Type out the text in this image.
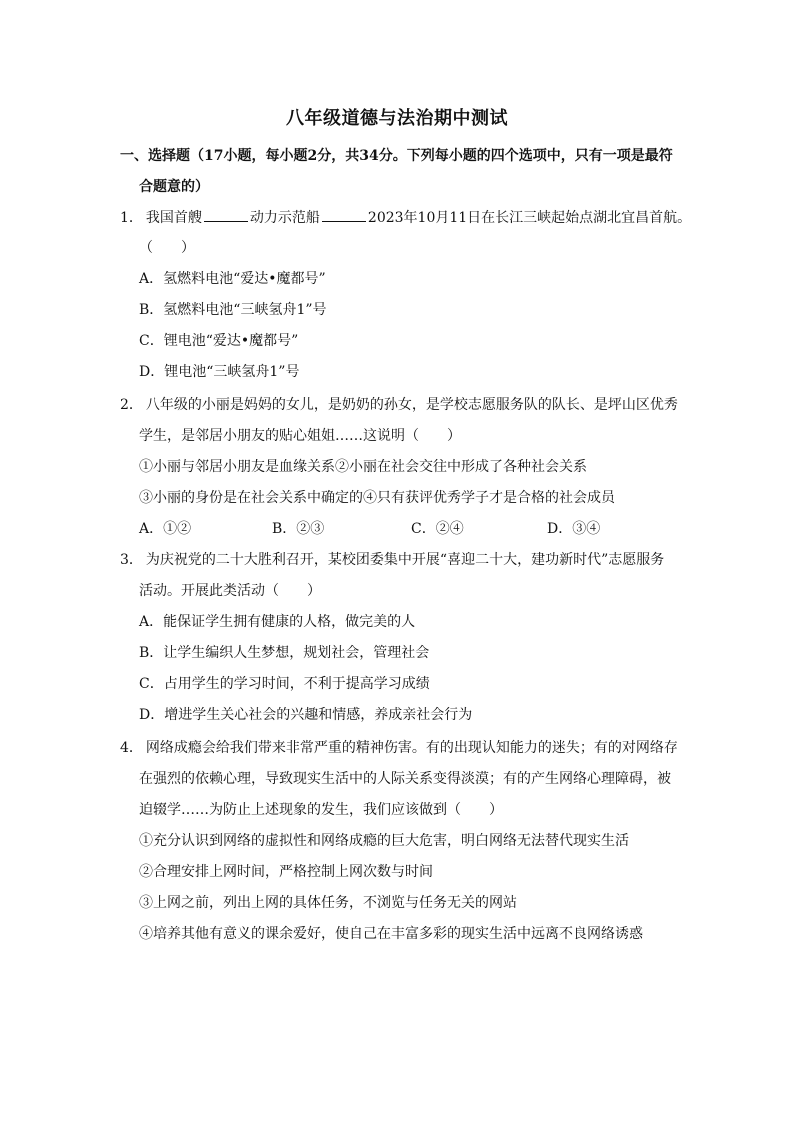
八年级道德与法治期中测试
一、选择题（17小题，每小题2分，共34分。下列每小题的四个选项中，只有一项是最符
合题意的）
1． 我国首艘	动力示范船	2023年10月11日在长江三峡起始点湖北宜昌首航。
（　　）
A．氢燃料电池“爱达•魔都号”
B．氢燃料电池“三峡氢舟1”号
C．锂电池“爱达•魔都号”
D．锂电池“三峡氢舟1”号
2． 八年级的小丽是妈妈的女儿，是奶奶的孙女，是学校志愿服务队的队长、是坪山区优秀
学生，是邻居小朋友的贴心姐姐……这说明（　　）
①小丽与邻居小朋友是血缘关系②小丽在社会交往中形成了各种社会关系
③小丽的身份是在社会关系中确定的④只有获评优秀学子才是合格的社会成员
A．①②	B．②③	C．②④	D．③④
3． 为庆祝党的二十大胜利召开，某校团委集中开展“喜迎二十大，建功新时代”志愿服务
活动。开展此类活动（　　）
A．能保证学生拥有健康的人格，做完美的人
B．让学生编织人生梦想，规划社会，管理社会
C．占用学生的学习时间，不利于提高学习成绩
D．增进学生关心社会的兴趣和情感，养成亲社会行为
4． 网络成瘾会给我们带来非常严重的精神伤害。有的出现认知能力的迷失；有的对网络存
在强烈的依赖心理，导致现实生活中的人际关系变得淡漠；有的产生网络心理障碍，被
迫辍学……为防止上述现象的发生，我们应该做到（　　）
①充分认识到网络的虚拟性和网络成瘾的巨大危害，明白网络无法替代现实生活
②合理安排上网时间，严格控制上网次数与时间
③上网之前，列出上网的具体任务，不浏览与任务无关的网站
④培养其他有意义的课余爱好，使自己在丰富多彩的现实生活中远离不良网络诱惑
